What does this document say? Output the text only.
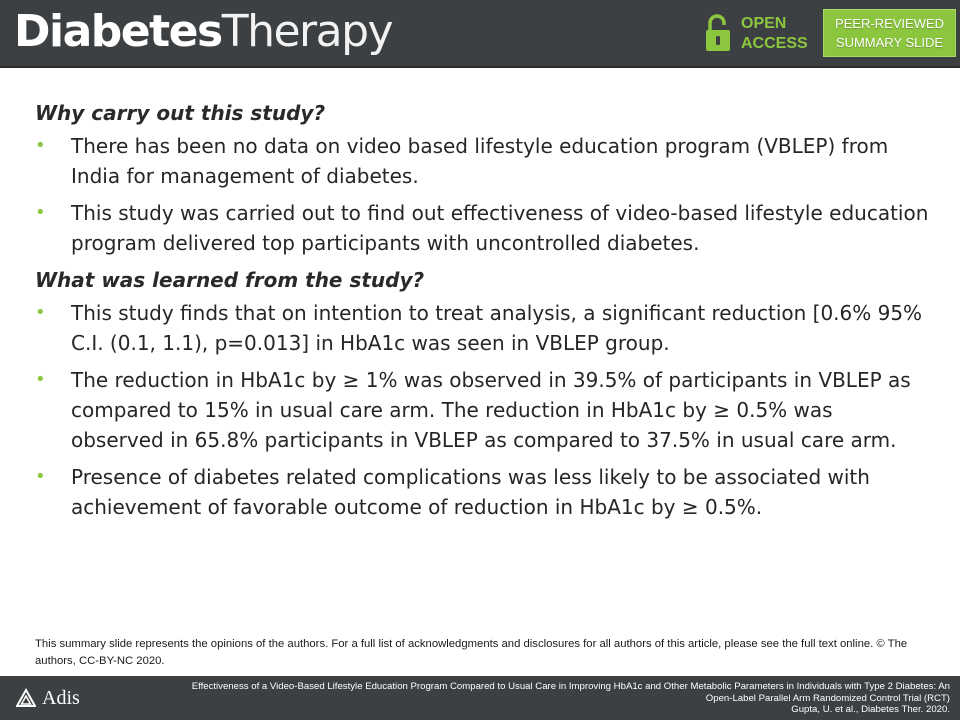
DiabetesTherapy	OPEN
ACCESS
PEER-REVIEWED
SUMMARY SLIDE
Why carry out this study?
• There has been no data on video based lifestyle education program (VBLEP) from India for management of diabetes.
• This study was carried out to find out effectiveness of video-based lifestyle education program delivered top participants with uncontrolled diabetes.
What was learned from the study?
• This study finds that on intention to treat analysis, a significant reduction [0.6% 95% C.I. (0.1, 1.1), p=0.013] in HbA1c was seen in VBLEP group.
• The reduction in HbA1c by ≥ 1% was observed in 39.5% of participants in VBLEP as compared to 15% in usual care arm. The reduction in HbA1c by ≥ 0.5% was observed in 65.8% participants in VBLEP as compared to 37.5% in usual care arm.
• Presence of diabetes related complications was less likely to be associated with achievement of favorable outcome of reduction in HbA1c by ≥ 0.5%.
This summary slide represents the opinions of the authors. For a full list of acknowledgments and disclosures for all authors of this article, please see the full text online. © The authors, CC-BY-NC 2020.
Adis	Effectiveness of a Video-Based Lifestyle Education Program Compared to Usual Care in Improving HbA1c and Other Metabolic Parameters in Individuals with Type 2 Diabetes: An
Open-Label Parallel Arm Randomized Control Trial (RCT)
Gupta, U. et al., Diabetes Ther. 2020.
